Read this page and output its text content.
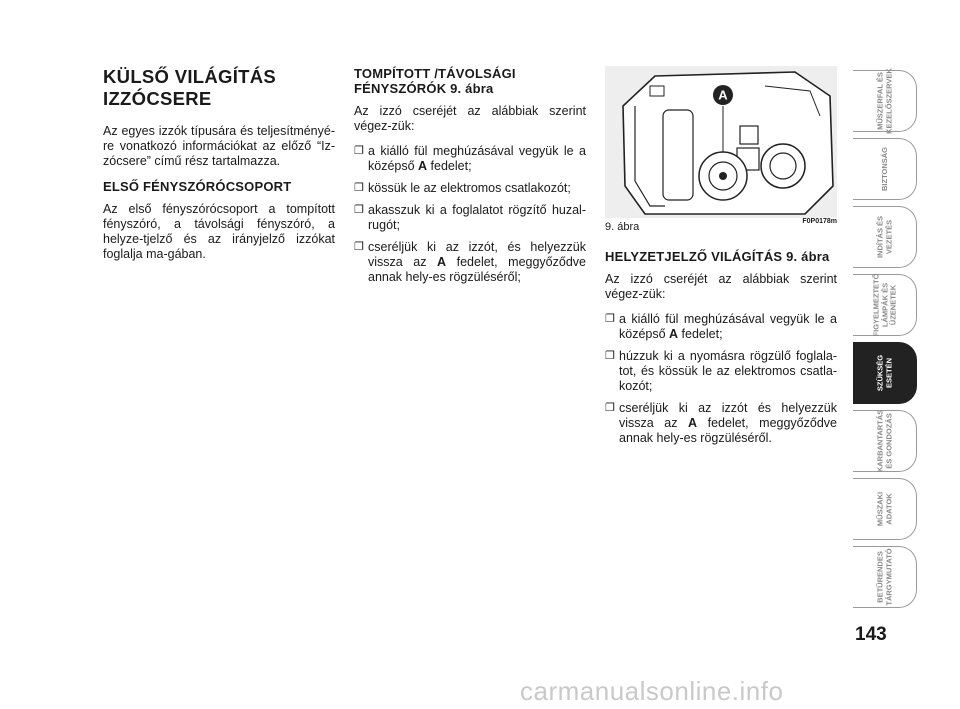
KÜLSŐ VILÁGÍTÁS IZZÓCSERE

Az egyes izzók típusára és teljesítményé-re vonatkozó információkat az előző “Iz-zócsere” című rész tartalmazza.

ELSŐ FÉNYSZÓRÓCSOPORT

Az első fényszórócsoport a tompított fényszóró, a távolsági fényszóró, a helyze-tjelző és az irányjelző izzókat foglalja ma-gában.

TOMPÍTOTT /TÁVOLSÁGI FÉNYSZÓRÓK 9. ábra

Az izzó cseréjét az alábbiak szerint végez-zük:

❐ a kiálló fül meghúzásával vegyük le a középső A fedelet;
❐ kössük le az elektromos csatlakozót;
❐ akasszuk ki a foglalatot rögzítő huzal-rugót;
❐ cseréljük ki az izzót, és helyezzük vissza az A fedelet, meggyőződve annak hely-es rögzüléséről;
A
9. ábra	F0P0178m
HELYZETJELZŐ VILÁGÍTÁS 9. ábra

Az izzó cseréjét az alábbiak szerint végez-zük:

❐ a kiálló fül meghúzásával vegyük le a középső A fedelet;
❐ húzzuk ki a nyomásra rögzülő foglala-tot, és kössük le az elektromos csatla-kozót;
❐ cseréljük ki az izzót és helyezzük vissza az A fedelet, meggyőződve annak hely-es rögzüléséről.
MŰSZERFAL ÉS
KEZELŐSZERVEK
BIZTONSÁG
INDÍTÁS ÉS
VEZETÉS
FIGYELMEZTETŐ
LÁMPÁK ÉS
ÜZENETEK
SZÜKSÉG
ESETÉN
KARBANTARTÁS
ÉS GONDOZÁS
MŰSZAKI
ADATOK
BETŰRENDES
TÁRGYMUTATÓ
143
carmanualsonline.info
